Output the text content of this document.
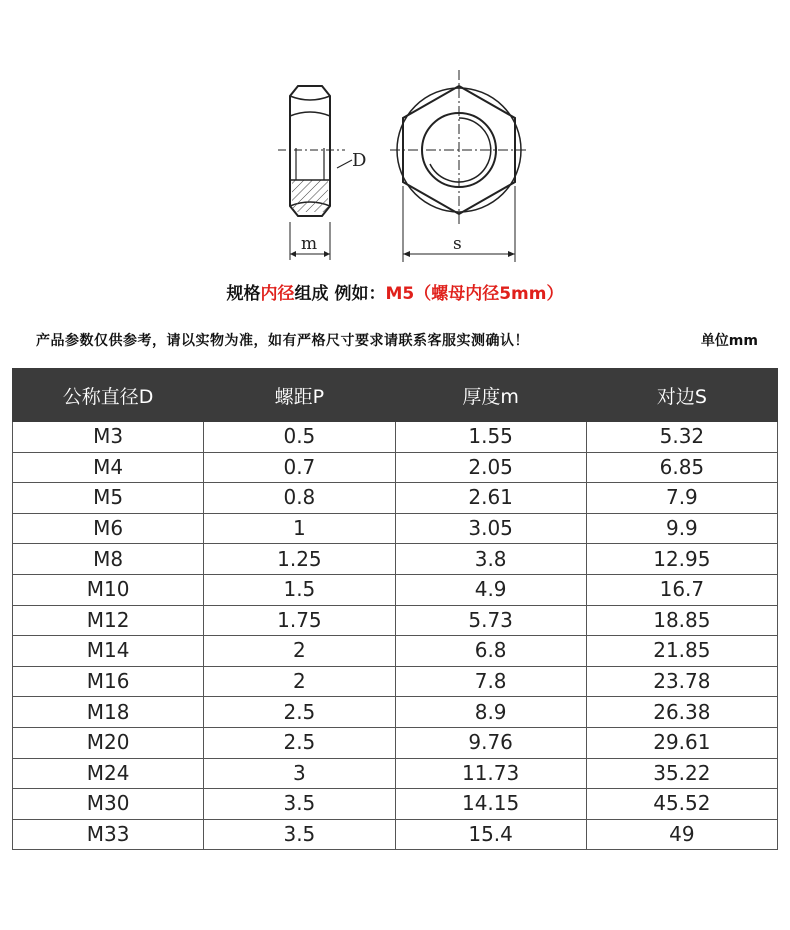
D
m	s
规格内径组成 例如：M5（螺母内径5mm）
产品参数仅供参考，请以实物为准，如有严格尺寸要求请联系客服实测确认！	单位mm
公称直径D	螺距P	厚度m	对边S
M3	0.5	1.55	5.32
M4	0.7	2.05	6.85
M5	0.8	2.61	7.9
M6	1	3.05	9.9
M8	1.25	3.8	12.95
M10	1.5	4.9	16.7
M12	1.75	5.73	18.85
M14	2	6.8	21.85
M16	2	7.8	23.78
M18	2.5	8.9	26.38
M20	2.5	9.76	29.61
M24	3	11.73	35.22
M30	3.5	14.15	45.52
M33	3.5	15.4	49
